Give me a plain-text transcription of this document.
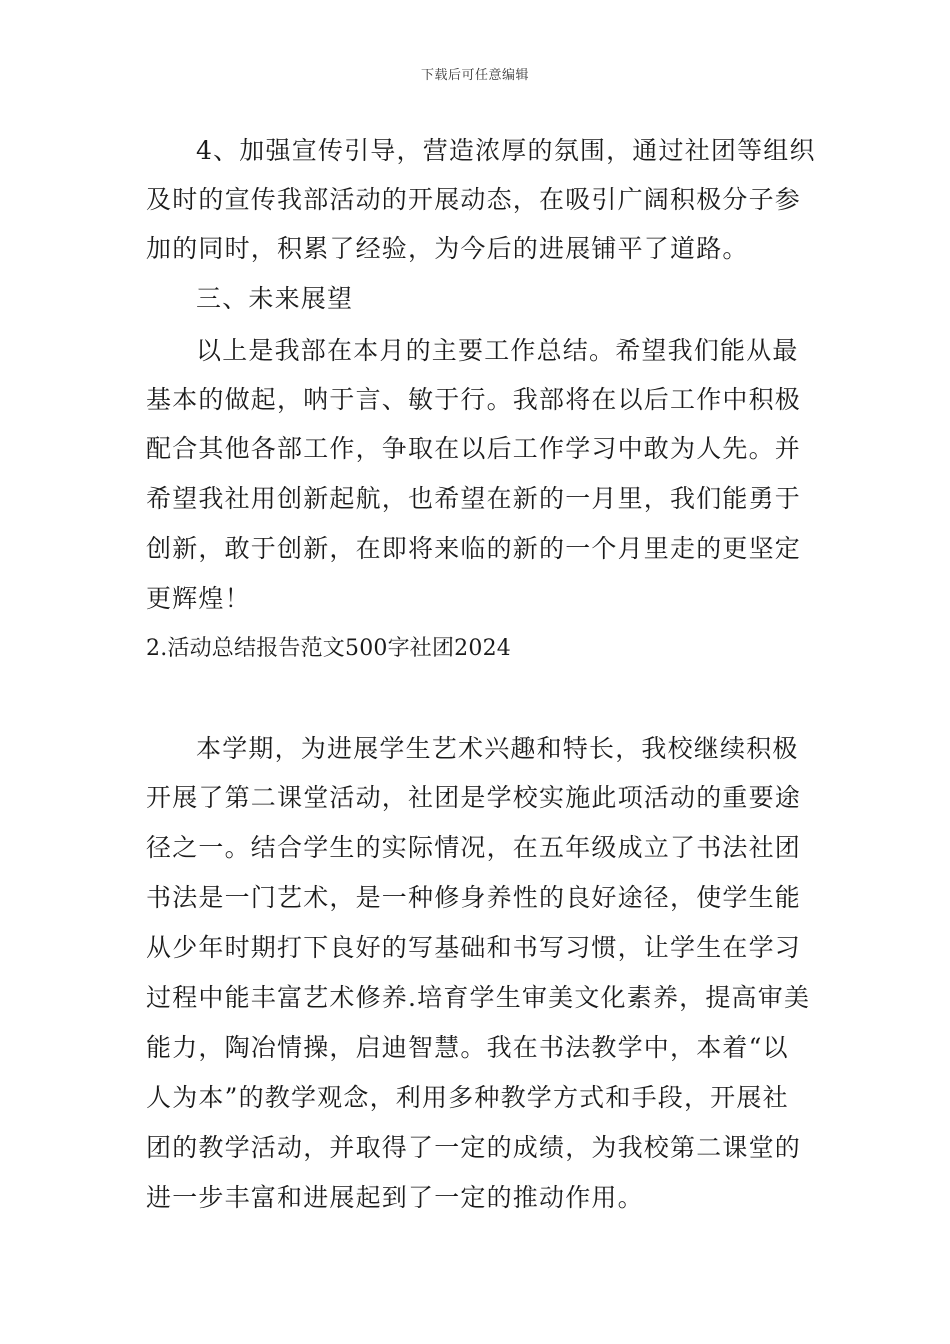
下载后可任意编辑
4、加强宣传引导，营造浓厚的氛围，通过社团等组织
及时的宣传我部活动的开展动态，在吸引广阔积极分子参
加的同时，积累了经验，为今后的进展铺平了道路。
三、未来展望
以上是我部在本月的主要工作总结。希望我们能从最
基本的做起，呐于言、敏于行。我部将在以后工作中积极
配合其他各部工作，争取在以后工作学习中敢为人先。并
希望我社用创新起航，也希望在新的一月里，我们能勇于
创新，敢于创新，在即将来临的新的一个月里走的更坚定
更辉煌！
2.活动总结报告范文500字社团2024
本学期，为进展学生艺术兴趣和特长，我校继续积极
开展了第二课堂活动，社团是学校实施此项活动的重要途
径之一。结合学生的实际情况，在五年级成立了书法社团
书法是一门艺术，是一种修身养性的良好途径，使学生能
从少年时期打下良好的写基础和书写习惯，让学生在学习
过程中能丰富艺术修养.培育学生审美文化素养，提高审美
能力，陶冶情操，启迪智慧。我在书法教学中，本着“以
人为本”的教学观念，利用多种教学方式和手段，开展社
团的教学活动，并取得了一定的成绩，为我校第二课堂的
进一步丰富和进展起到了一定的推动作用。
